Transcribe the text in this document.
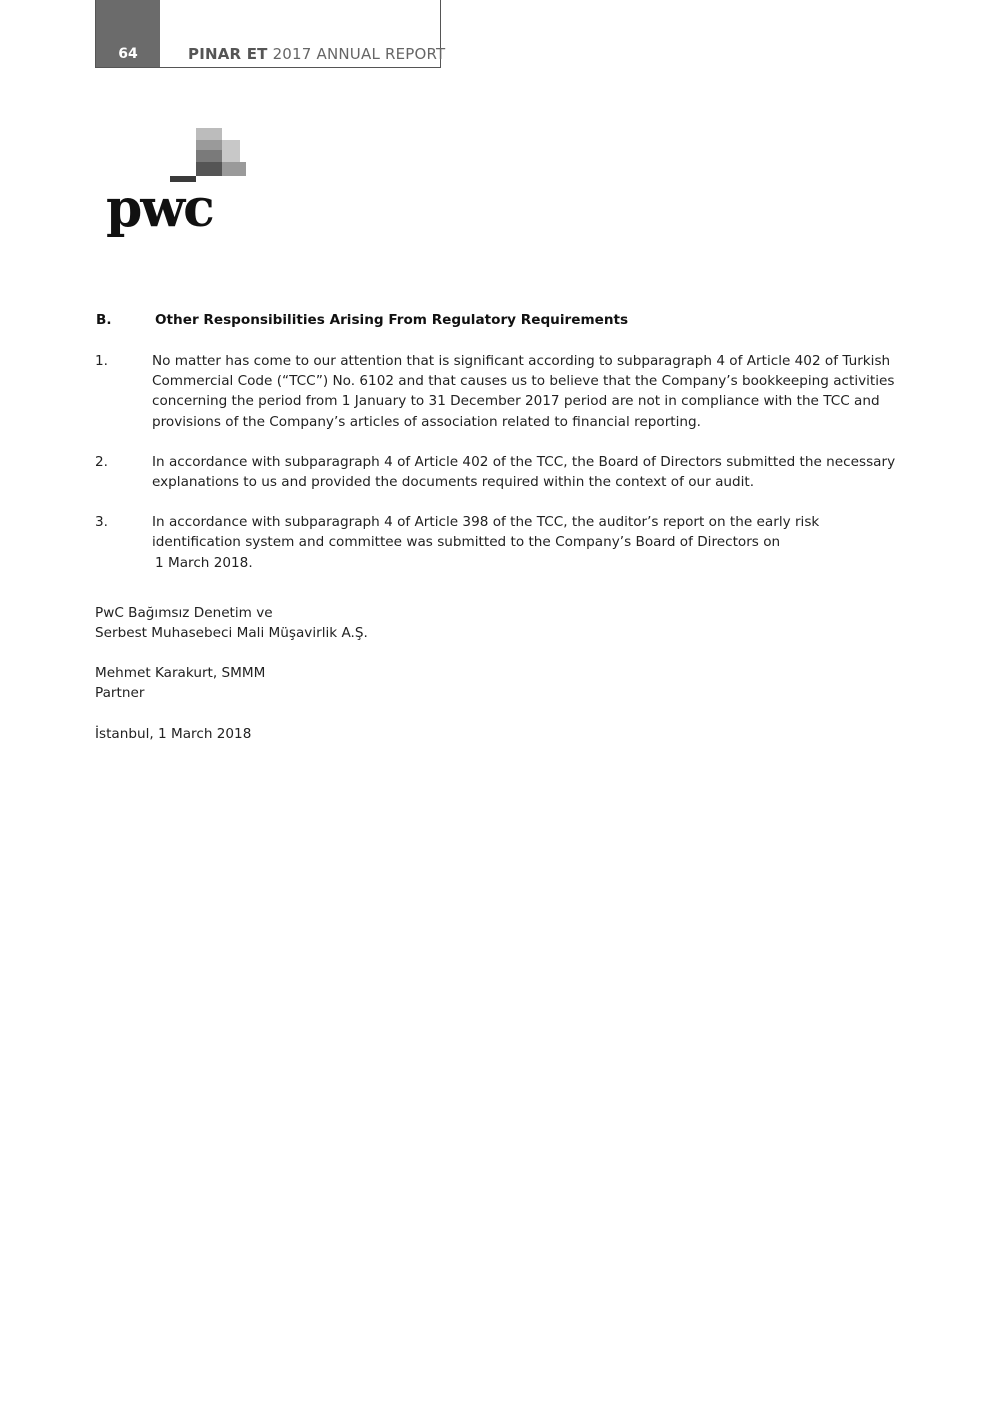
64	PINAR ET 2017 ANNUAL REPORT
pwc
B.	Other Responsibilities Arising From Regulatory Requirements
1.	No matter has come to our attention that is significant according to subparagraph 4 of Article 402 of Turkish Commercial Code (“TCC”) No. 6102 and that causes us to believe that the Company’s bookkeeping activities concerning the period from 1 January to 31 December 2017 period are not in compliance with the TCC and provisions of the Company’s articles of association related to financial reporting.
2.	In accordance with subparagraph 4 of Article 402 of the TCC, the Board of Directors submitted the necessary explanations to us and provided the documents required within the context of our audit.
3.	In accordance with subparagraph 4 of Article 398 of the TCC, the auditor’s report on the early risk identification system and committee was submitted to the Company’s Board of Directors on
1 March 2018.
PwC Bağımsız Denetim ve
Serbest Muhasebeci Mali Müşavirlik A.Ş.
Mehmet Karakurt, SMMM
Partner
İstanbul, 1 March 2018
